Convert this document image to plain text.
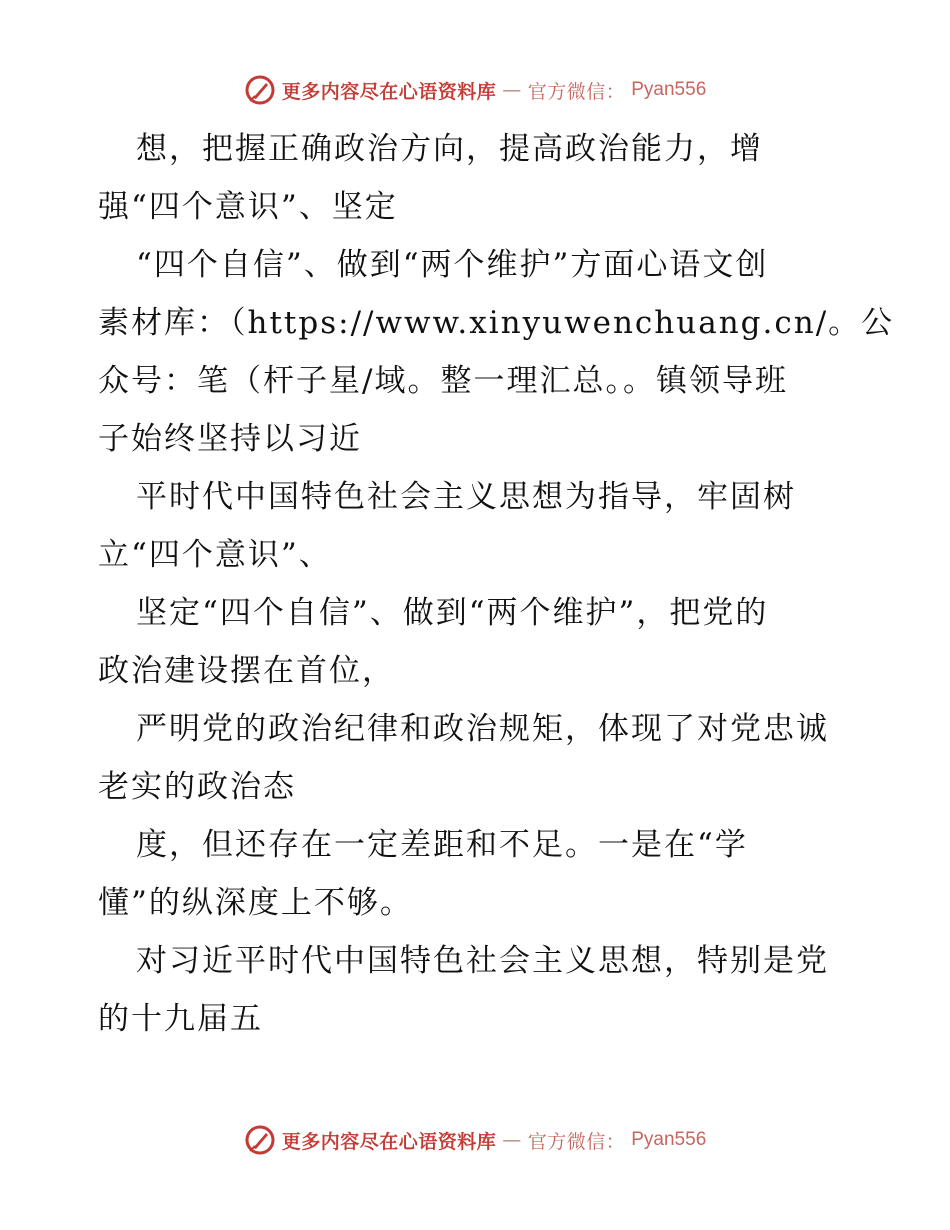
更多内容尽在心语资料库 — 官方微信： Pyan556
想，把握正确政治方向，提高政治能力，增
强“四个意识”、坚定
“四个自信”、做到“两个维护”方面心语文创
素材库：（https://www.xinyuwenchuang.cn/。公
众号：笔（杆子星/域。整一理汇总。。镇领导班
子始终坚持以习近
平时代中国特色社会主义思想为指导，牢固树
立“四个意识”、
坚定“四个自信”、做到“两个维护”，把党的
政治建设摆在首位，
严明党的政治纪律和政治规矩，体现了对党忠诚
老实的政治态
度，但还存在一定差距和不足。一是在“学
懂”的纵深度上不够。
对习近平时代中国特色社会主义思想，特别是党
的十九届五
更多内容尽在心语资料库 — 官方微信： Pyan556
